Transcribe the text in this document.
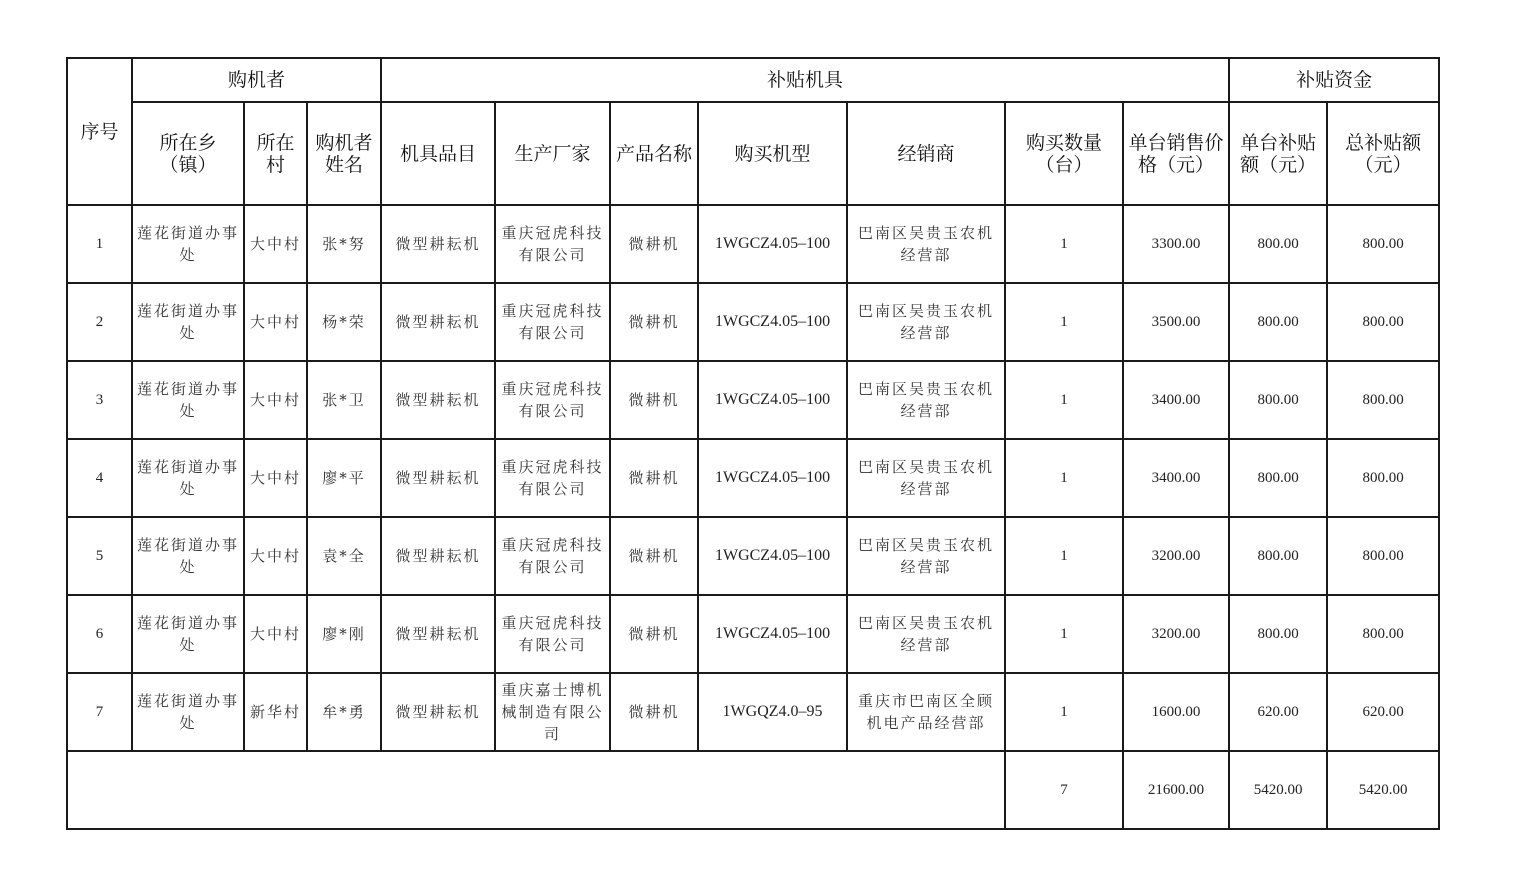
序号	购机者			补贴机具							补贴资金	
	所在乡（镇）	所在村	购机者姓名	机具品目	生产厂家	产品名称	购买机型	经销商	购买数量（台）	单台销售价格（元）	单台补贴额（元）	总补贴额（元）
1	莲花街道办事处	大中村	张*努	微型耕耘机	重庆冠虎科技有限公司	微耕机	1WGCZ4.05–100	巴南区吴贵玉农机经营部	1	3300.00	800.00	800.00
2	莲花街道办事处	大中村	杨*荣	微型耕耘机	重庆冠虎科技有限公司	微耕机	1WGCZ4.05–100	巴南区吴贵玉农机经营部	1	3500.00	800.00	800.00
3	莲花街道办事处	大中村	张*卫	微型耕耘机	重庆冠虎科技有限公司	微耕机	1WGCZ4.05–100	巴南区吴贵玉农机经营部	1	3400.00	800.00	800.00
4	莲花街道办事处	大中村	廖*平	微型耕耘机	重庆冠虎科技有限公司	微耕机	1WGCZ4.05–100	巴南区吴贵玉农机经营部	1	3400.00	800.00	800.00
5	莲花街道办事处	大中村	袁*全	微型耕耘机	重庆冠虎科技有限公司	微耕机	1WGCZ4.05–100	巴南区吴贵玉农机经营部	1	3200.00	800.00	800.00
6	莲花街道办事处	大中村	廖*刚	微型耕耘机	重庆冠虎科技有限公司	微耕机	1WGCZ4.05–100	巴南区吴贵玉农机经营部	1	3200.00	800.00	800.00
7	莲花街道办事处	新华村	牟*勇	微型耕耘机	重庆嘉士博机械制造有限公司	微耕机	1WGQZ4.0–95	重庆市巴南区全顾机电产品经营部	1	1600.00	620.00	620.00
									7	21600.00	5420.00	5420.00
